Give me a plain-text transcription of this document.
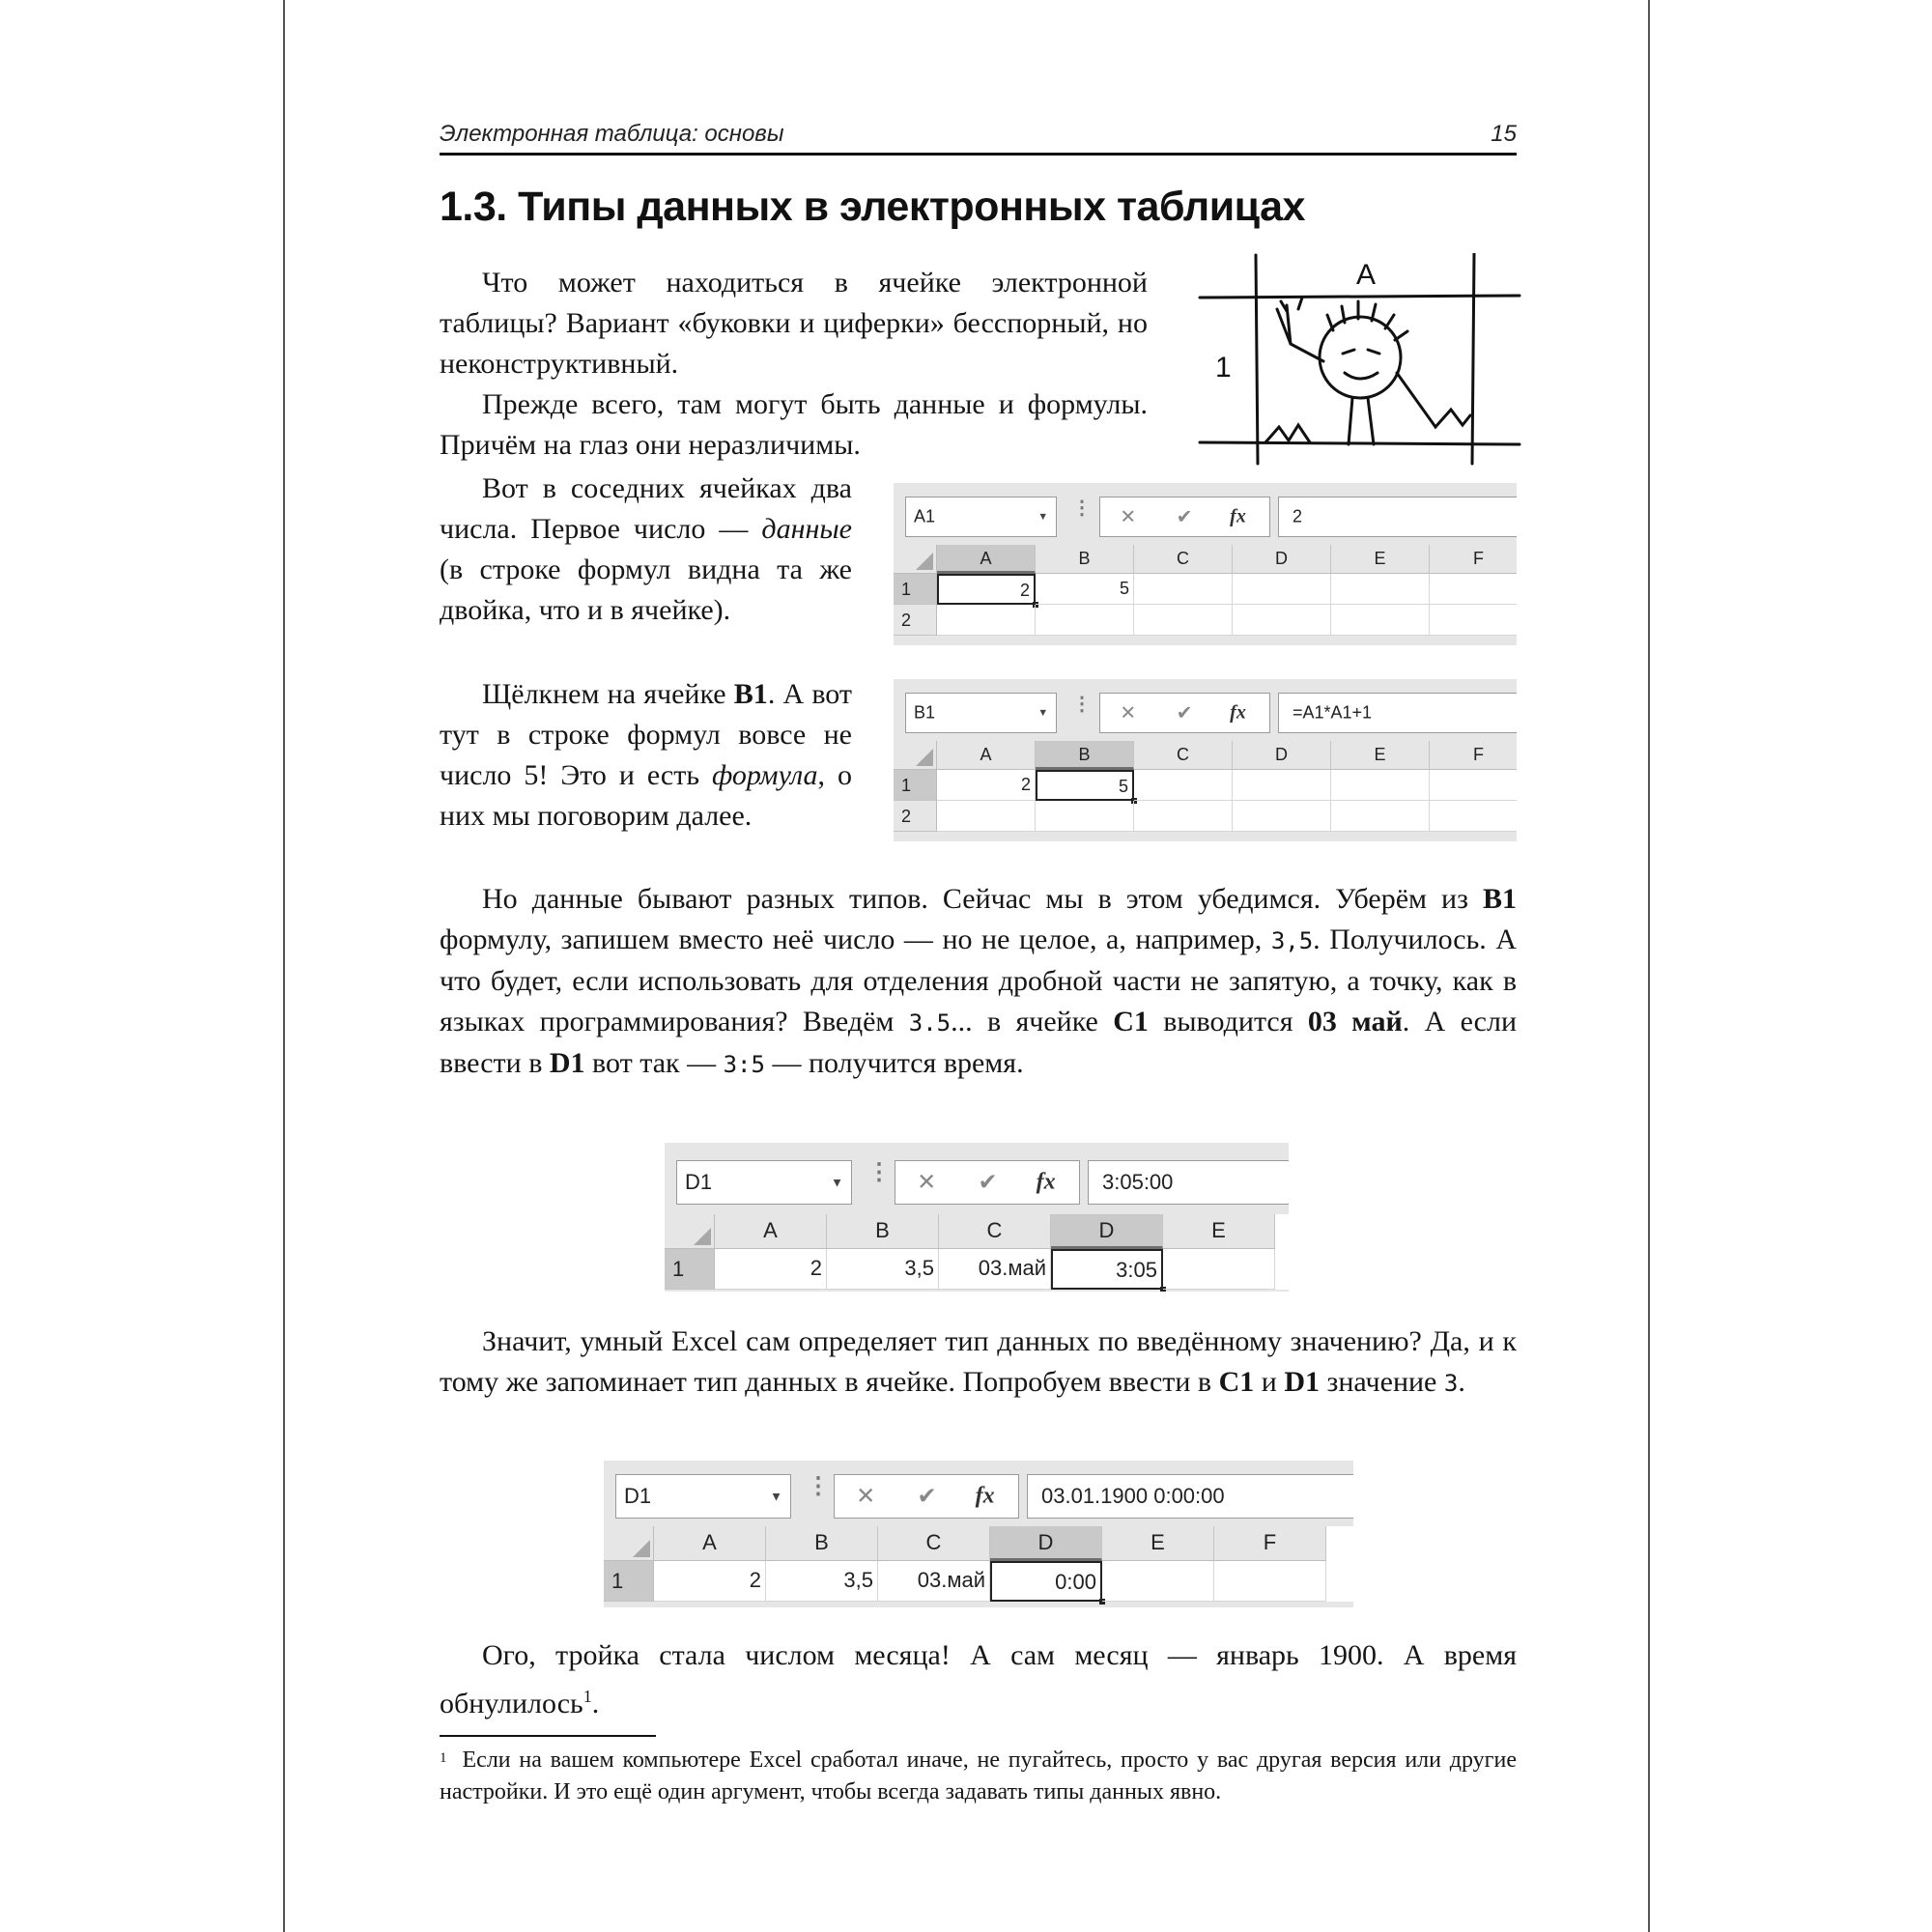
Электронная таблица: основы	15
1.3. Типы данных в электронных таблицах

Что может находиться в ячейке электронной таблицы? Вариант «буковки и циферки» бесспорный, но неконструктивный.

Прежде всего, там могут быть данные и формулы. Причём на глаз они неразличимы.

A
1

Вот в соседних ячейках два числа. Первое число — данные (в строке формул видна та же двойка, что и в ячейке).

Щёлкнем на ячейке B1. А вот тут в строке формул вовсе не число 5! Это и есть формула, о них мы поговорим далее.

A1	▼ ⋮ ✕ ✔ fx	2
A	B	C	D	E	F
1	2	5
2
B1	▼ ⋮ ✕ ✔ fx	=A1*A1+1
A	B	C	D	E	F
1	2	5
2

Но данные бывают разных типов. Сейчас мы в этом убедимся. Уберём из B1 формулу, запишем вместо неё число — но не целое, а, например, 3,5. Получилось. А что будет, если использовать для отделения дробной части не запятую, а точку, как в языках программирования? Введём 3.5... в ячейке C1 выводится 03 май. А если ввести в D1 вот так — 3:5 — получится время.

D1	▼ ⋮ ✕ ✔ fx 3:05:00
A	B	C	D	E
1	2	3,5	03.май	3:05

Значит, умный Excel сам определяет тип данных по введённому значению? Да, и к тому же запоминает тип данных в ячейке. Попробуем ввести в C1 и D1 значение 3.

D1	▼ ⋮ ✕ ✔ fx 03.01.1900 0:00:00
A	B	C	D	E	F
1	2	3,5	03.май	0:00

Ого, тройка стала числом месяца! А сам месяц — январь 1900. А время обнулилось$^1$.

$^1$ Если на вашем компьютере Excel сработал иначе, не пугайтесь, просто у вас другая версия или другие настройки. И это ещё один аргумент, чтобы всегда задавать типы данных явно.
